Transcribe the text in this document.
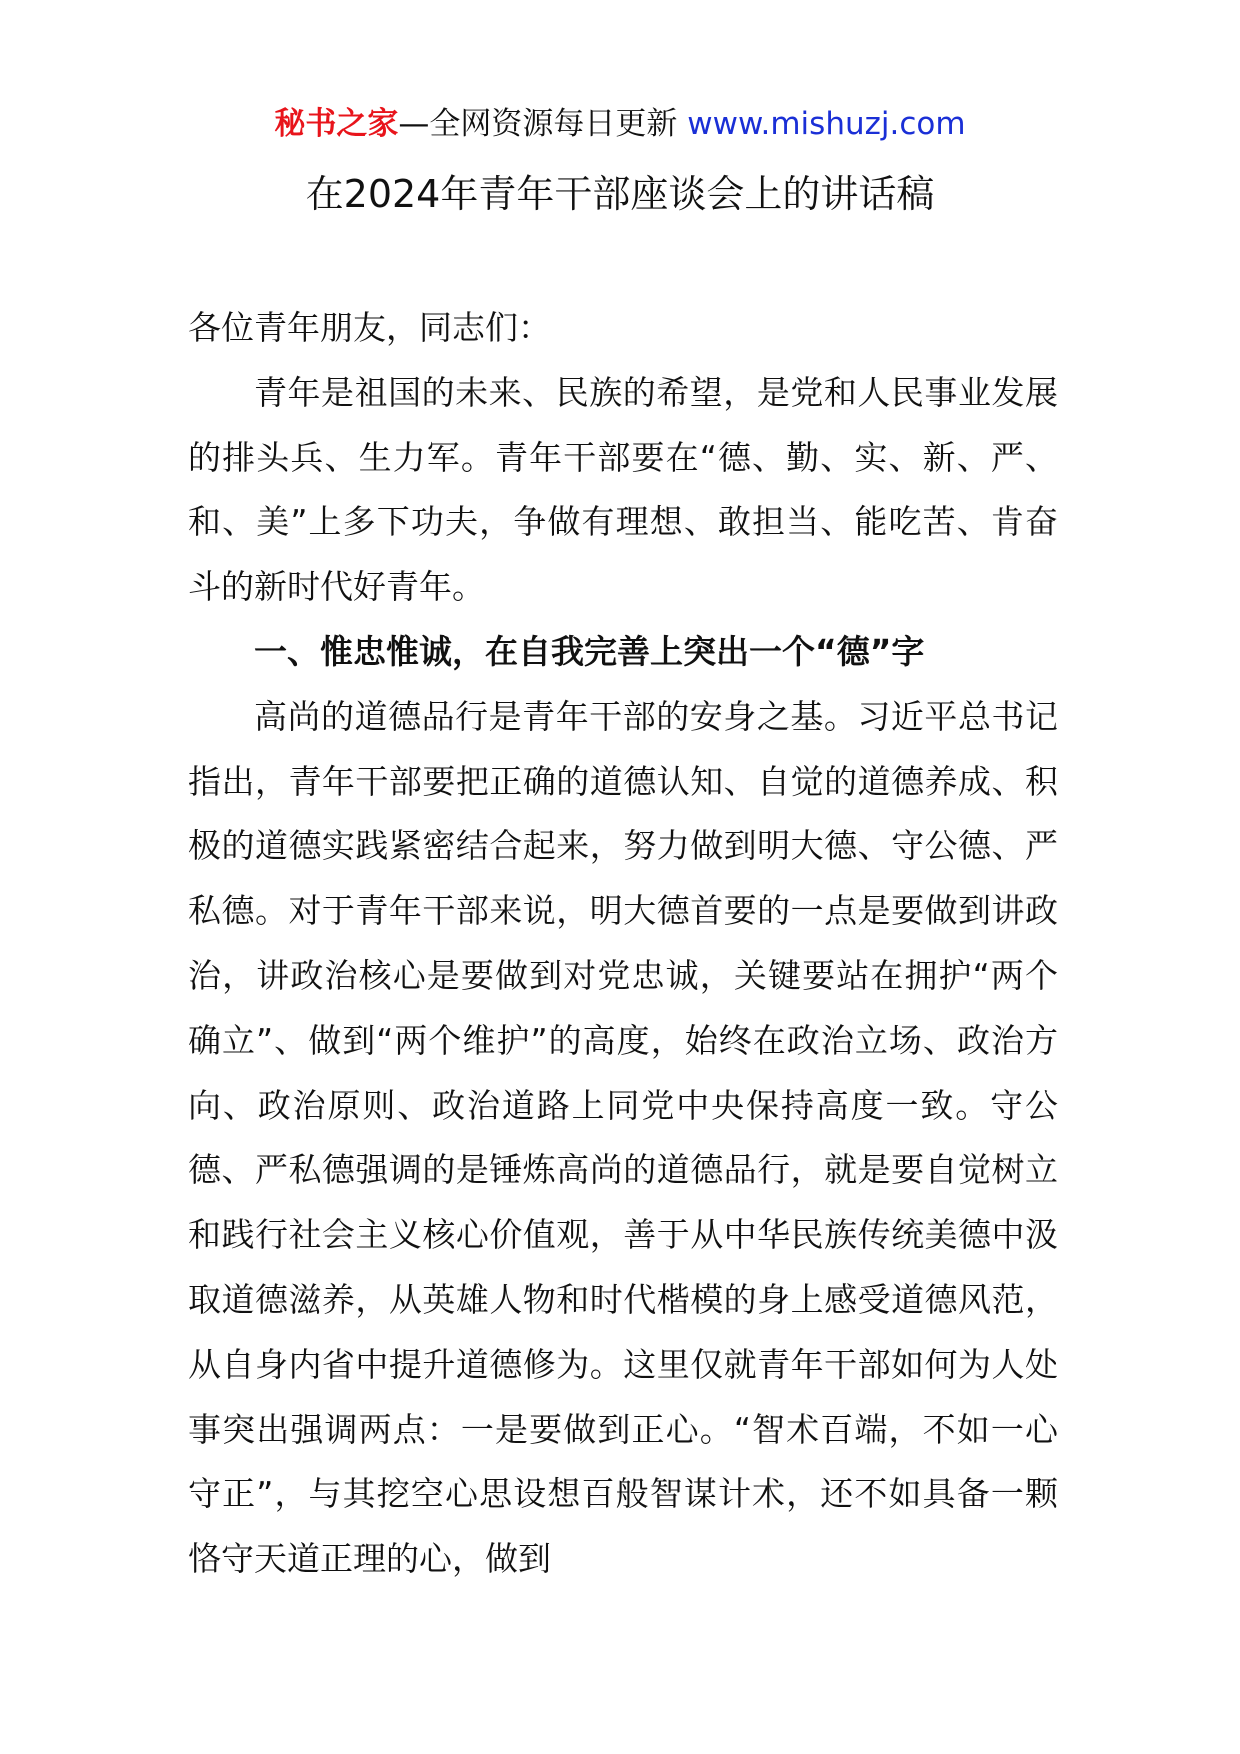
秘书之家—全网资源每日更新 www.mishuzj.com
在2024年青年干部座谈会上的讲话稿

各位青年朋友，同志们：

青年是祖国的未来、民族的希望，是党和人民事业发展的排头兵、生力军。青年干部要在“德、勤、实、新、严、和、美”上多下功夫，争做有理想、敢担当、能吃苦、肯奋斗的新时代好青年。

一、惟忠惟诚，在自我完善上突出一个“德”字

高尚的道德品行是青年干部的安身之基。习近平总书记指出，青年干部要把正确的道德认知、自觉的道德养成、积极的道德实践紧密结合起来，努力做到明大德、守公德、严私德。对于青年干部来说，明大德首要的一点是要做到讲政治，讲政治核心是要做到对党忠诚，关键要站在拥护“两个确立”、做到“两个维护”的高度，始终在政治立场、政治方向、政治原则、政治道路上同党中央保持高度一致。守公德、严私德强调的是锤炼高尚的道德品行，就是要自觉树立和践行社会主义核心价值观，善于从中华民族传统美德中汲取道德滋养，从英雄人物和时代楷模的身上感受道德风范，从自身内省中提升道德修为。这里仅就青年干部如何为人处事突出强调两点：一是要做到正心。“智术百端，不如一心守正”，与其挖空心思设想百般智谋计术，还不如具备一颗恪守天道正理的心，做到
